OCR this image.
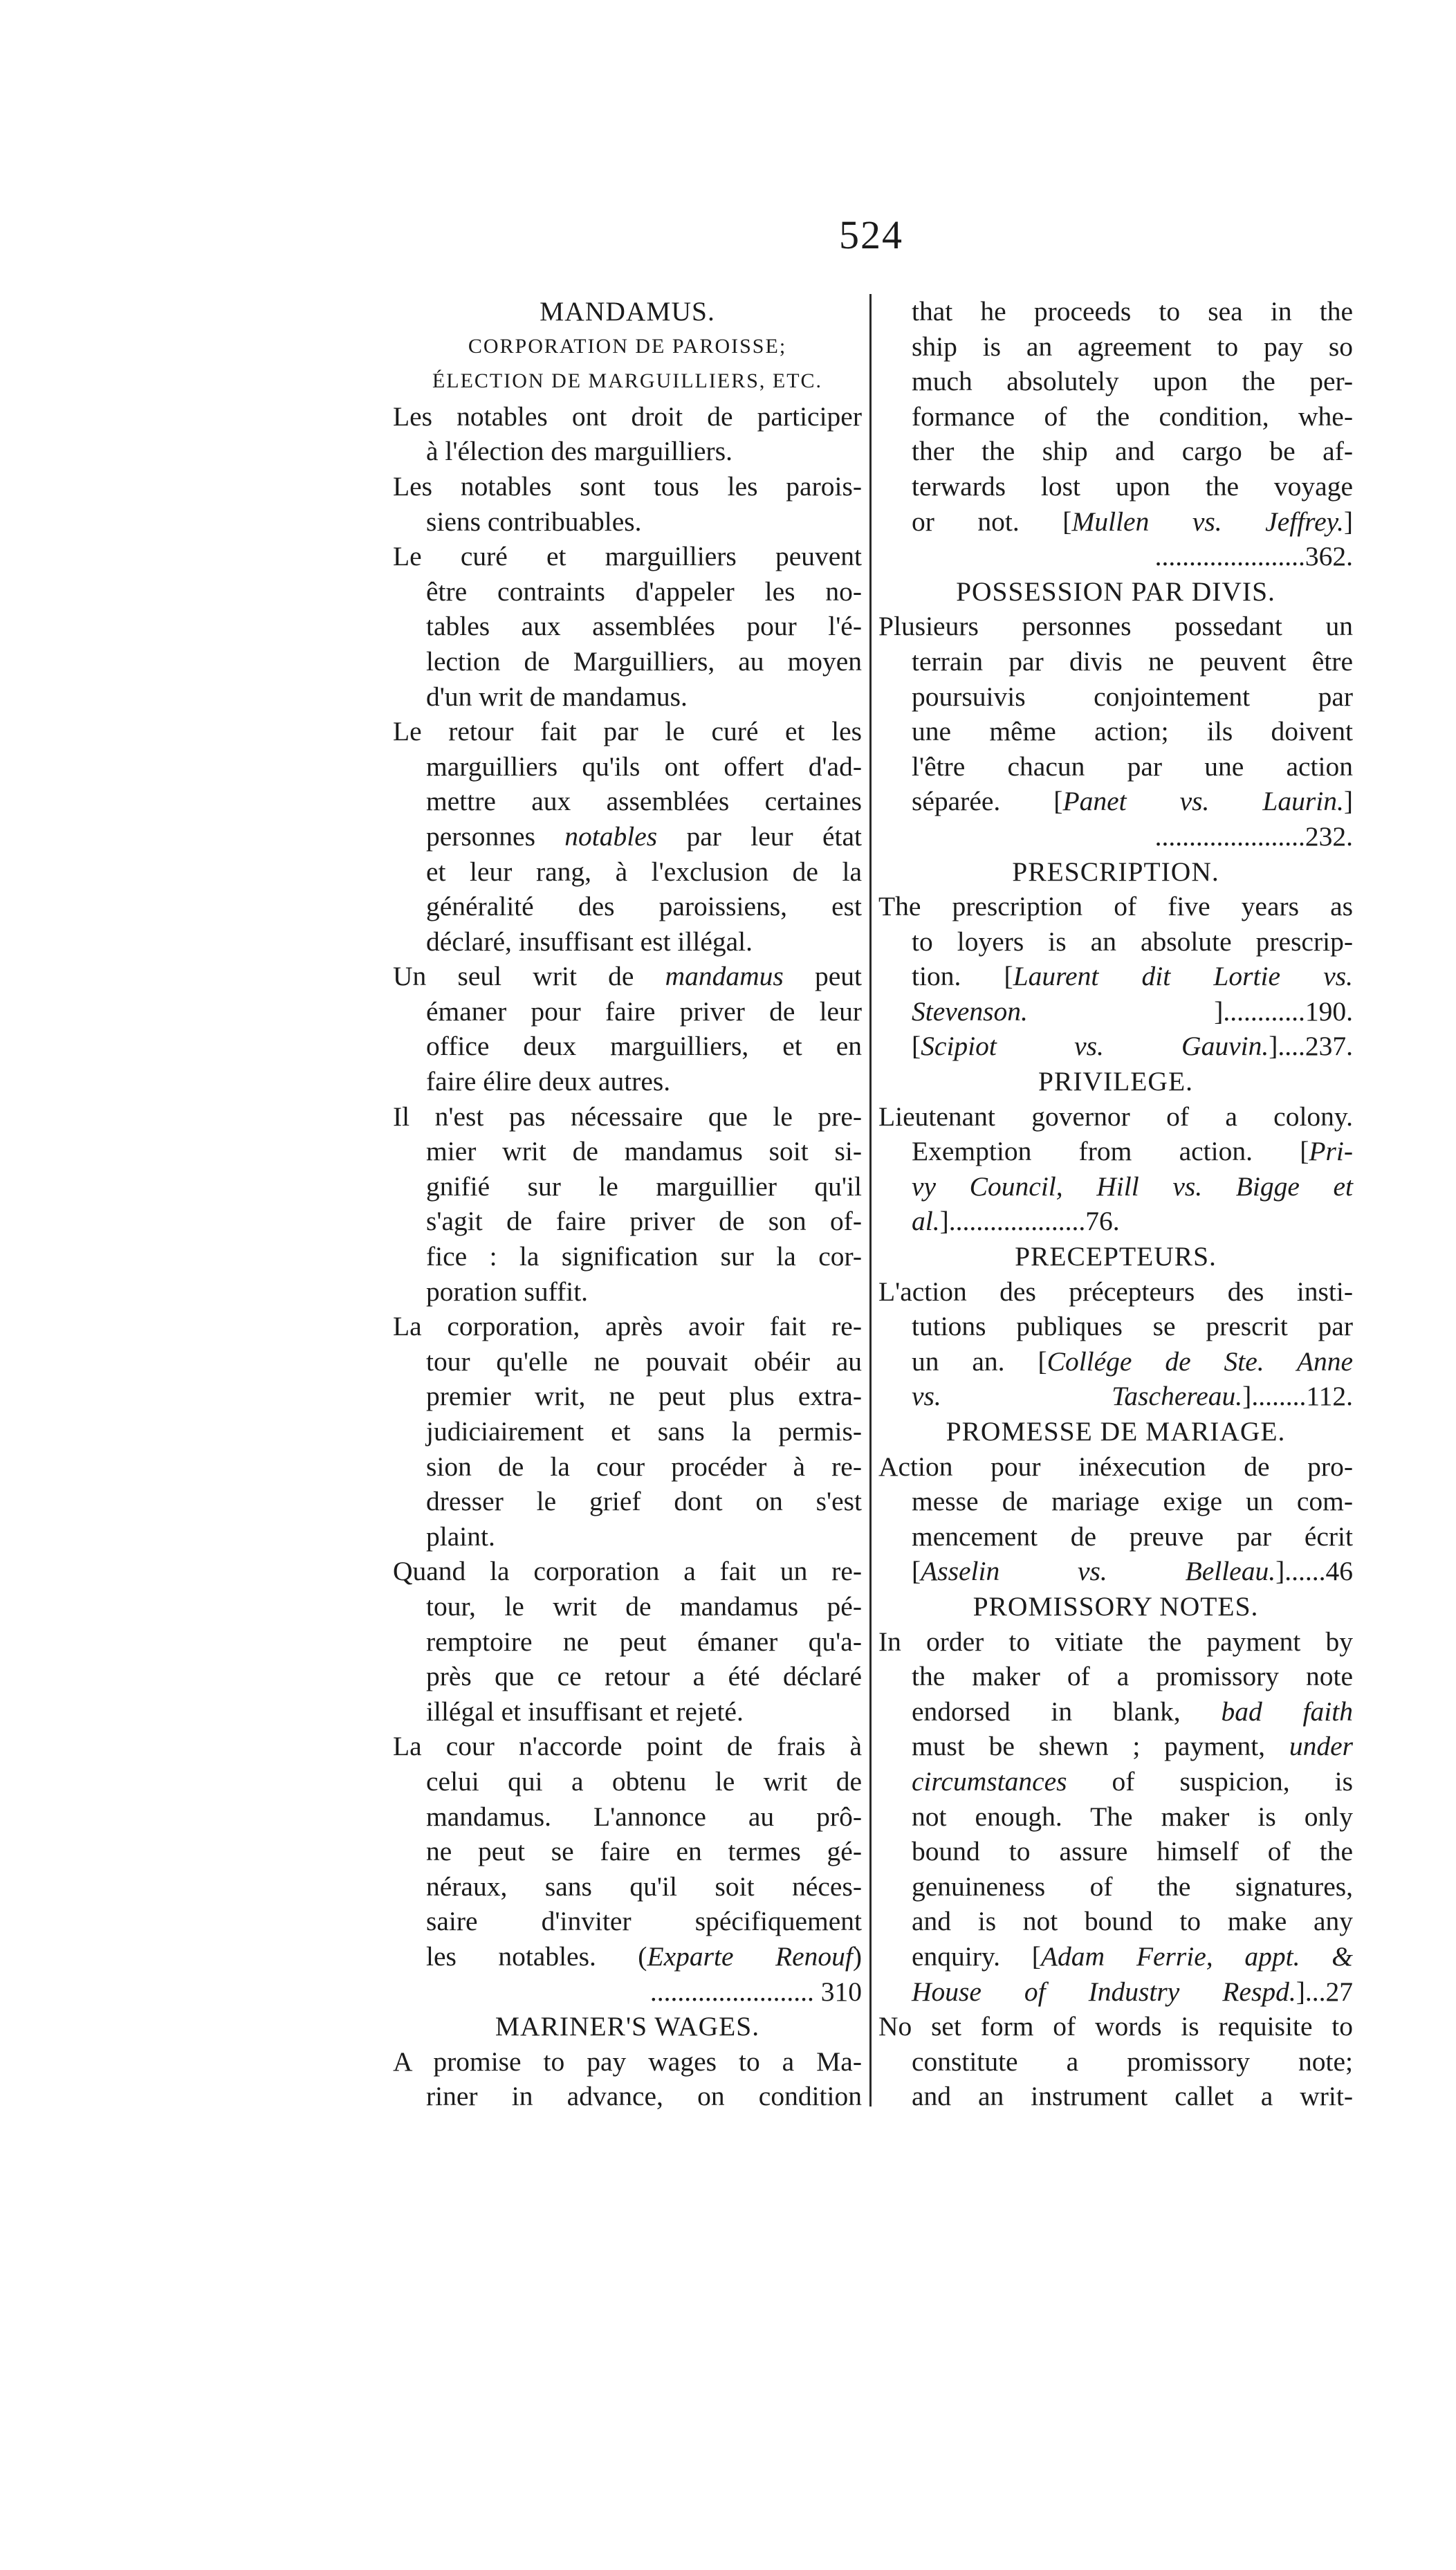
524
MANDAMUS.
CORPORATION DE PAROISSE;
ÉLECTION DE MARGUILLIERS, ETC.
Les notables ont droit de participer
à l'élection des marguilliers.
Les notables sont tous les parois-
siens contribuables.
Le curé et marguilliers peuvent
être contraints d'appeler les no-
tables aux assemblées pour l'é-
lection de Marguilliers, au moyen
d'un writ de mandamus.
Le retour fait par le curé et les
marguilliers qu'ils ont offert d'ad-
mettre aux assemblées certaines
personnes notables par leur état
et leur rang, à l'exclusion de la
généralité des paroissiens, est
déclaré, insuffisant est illégal.
Un seul writ de mandamus peut
émaner pour faire priver de leur
office deux marguilliers, et en
faire élire deux autres.
Il n'est pas nécessaire que le pre-
mier writ de mandamus soit si-
gnifié sur le marguillier qu'il
s'agit de faire priver de son of-
fice : la signification sur la cor-
poration suffit.
La corporation, après avoir fait re-
tour qu'elle ne pouvait obéir au
premier writ, ne peut plus extra-
judiciairement et sans la permis-
sion de la cour procéder à re-
dresser le grief dont on s'est
plaint.
Quand la corporation a fait un re-
tour, le writ de mandamus pé-
remptoire ne peut émaner qu'a-
près que ce retour a été déclaré
illégal et insuffisant et rejeté.
La cour n'accorde point de frais à
celui qui a obtenu le writ de
mandamus. L'annonce au prô-
ne peut se faire en termes gé-
néraux, sans qu'il soit néces-
saire d'inviter spécifiquement
les notables. (Exparte Renouf)
........................ 310
MARINER'S WAGES.
A promise to pay wages to a Ma-
riner in advance, on condition
that he proceeds to sea in the
ship is an agreement to pay so
much absolutely upon the per-
formance of the condition, whe-
ther the ship and cargo be af-
terwards lost upon the voyage
or not. [Mullen vs. Jeffrey.]
......................362.
POSSESSION PAR DIVIS.
Plusieurs personnes possedant un
terrain par divis ne peuvent être
poursuivis conjointement par
une même action; ils doivent
l'être chacun par une action
séparée. [Panet vs. Laurin.]
......................232.
PRESCRIPTION.
The prescription of five years as
to loyers is an absolute prescrip-
tion. [Laurent dit Lortie vs.
Stevenson. ]............190.
[Scipiot vs. Gauvin.]....237.
PRIVILEGE.
Lieutenant governor of a colony.
Exemption from action. [Pri-
vy Council, Hill vs. Bigge et
al.]....................76.
PRECEPTEURS.
L'action des précepteurs des insti-
tutions publiques se prescrit par
un an. [Collége de Ste. Anne
vs. Taschereau.]........112.
PROMESSE DE MARIAGE.
Action pour inéxecution de pro-
messe de mariage exige un com-
mencement de preuve par écrit
[Asselin vs. Belleau.]......46
PROMISSORY NOTES.
In order to vitiate the payment by
the maker of a promissory note
endorsed in blank, bad faith
must be shewn ; payment, under
circumstances of suspicion, is
not enough. The maker is only
bound to assure himself of the
genuineness of the signatures,
and is not bound to make any
enquiry. [Adam Ferrie, appt. &
House of Industry Respd.]...27
No set form of words is requisite to
constitute a promissory note;
and an instrument callet a writ-
